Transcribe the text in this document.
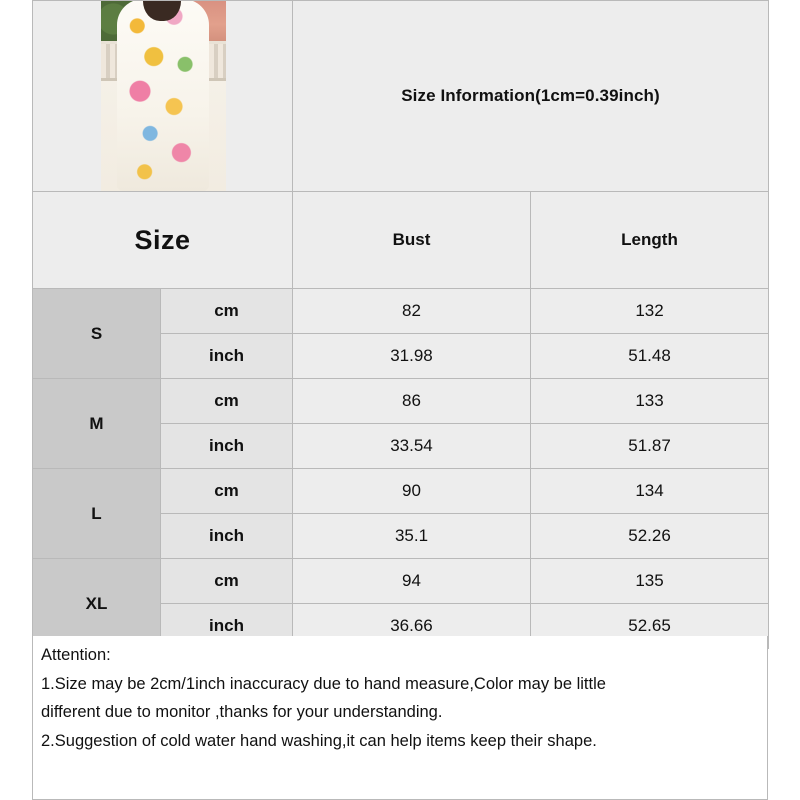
		Size Information(1cm=0.39inch)	
Size		Bust	Length
S	cm	82	132
	inch	31.98	51.48
M	cm	86	133
	inch	33.54	51.87
L	cm	90	134
	inch	35.1	52.26
XL	cm	94	135
	inch	36.66	52.65

Attention:

1.Size may be 2cm/1inch inaccuracy due to hand measure,Color may be little

different due to monitor ,thanks for your understanding.

2.Suggestion of cold water hand washing,it can help items keep their shape.
